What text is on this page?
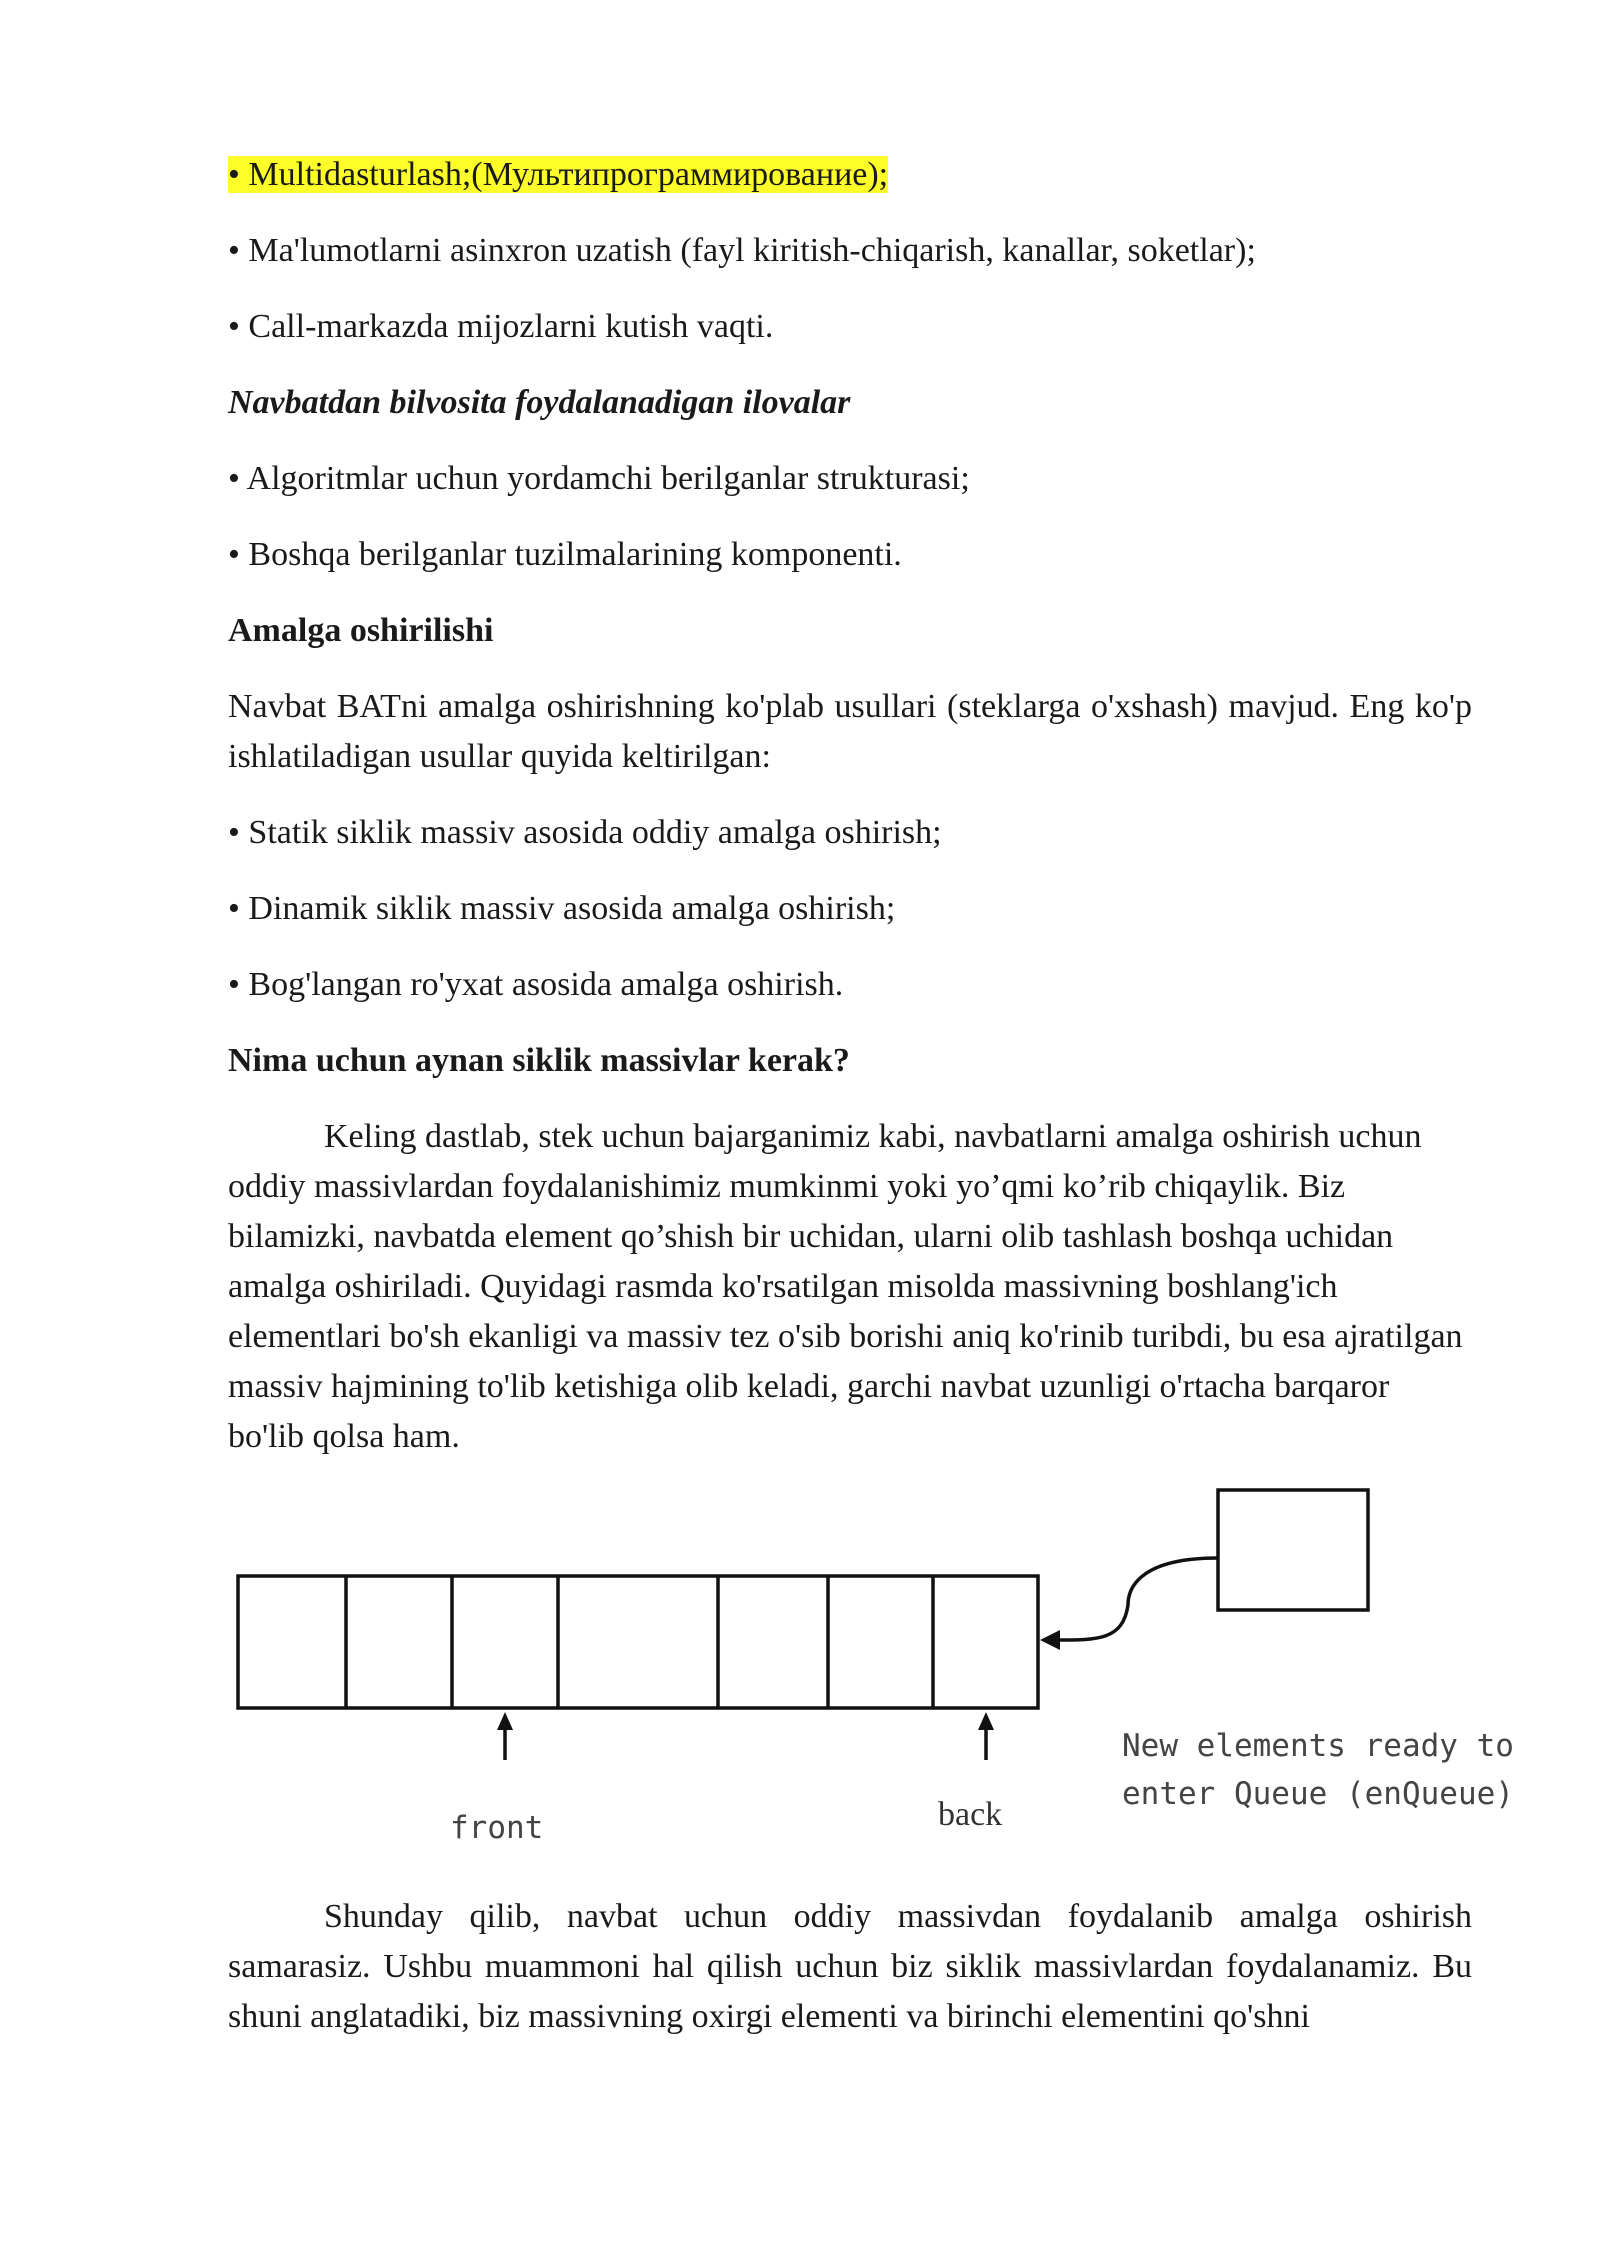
• Multidasturlash;(Мультипрограммирование);
• Ma'lumotlarni asinxron uzatish (fayl kiritish-chiqarish, kanallar, soketlar);
• Call-markazda mijozlarni kutish vaqti.
Navbatdan bilvosita foydalanadigan ilovalar
• Algoritmlar uchun yordamchi berilganlar strukturasi;
• Boshqa berilganlar tuzilmalarining komponenti.
Amalga oshirilishi
Navbat BATni amalga oshirishning ko'plab usullari (steklarga o'xshash) mavjud. Eng ko'p ishlatiladigan usullar quyida keltirilgan:
• Statik siklik massiv asosida oddiy amalga oshirish;
• Dinamik siklik massiv asosida amalga oshirish;
• Bog'langan ro'yxat asosida amalga oshirish.
Nima uchun aynan siklik massivlar kerak?
Keling dastlab, stek uchun bajarganimiz kabi, navbatlarni amalga oshirish uchun oddiy massivlardan foydalanishimiz mumkinmi yoki yo’qmi ko’rib chiqaylik. Biz bilamizki, navbatda element qo’shish bir uchidan, ularni olib tashlash boshqa uchidan amalga oshiriladi. Quyidagi rasmda ko'rsatilgan misolda massivning boshlang'ich elementlari bo'sh ekanligi va massiv tez o'sib borishi aniq ko'rinib turibdi, bu esa ajratilgan massiv hajmining to'lib ketishiga olib keladi, garchi navbat uzunligi o'rtacha barqaror bo'lib qolsa ham.
front	back
New elements ready to
enter Queue (enQueue)
Shunday qilib, navbat uchun oddiy massivdan foydalanib amalga oshirish samarasiz. Ushbu muammoni hal qilish uchun biz siklik massivlardan foydalanamiz. Bu shuni anglatadiki, biz massivning oxirgi elementi va birinchi elementini qo'shni
